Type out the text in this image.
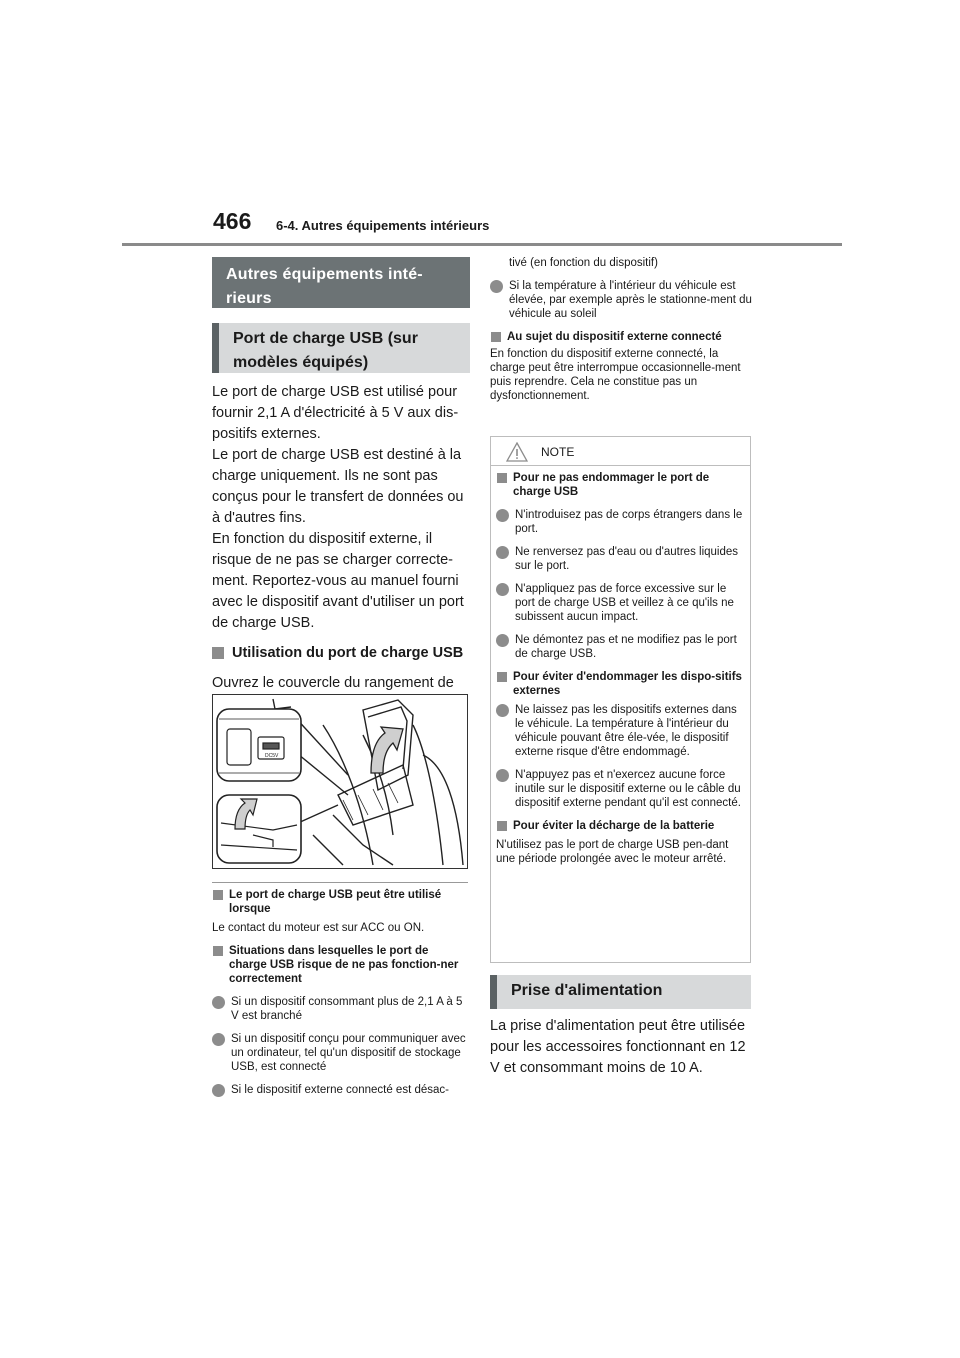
466 6-4. Autres équipements intérieurs
Autres équipements inté-rieurs
Port de charge USB (sur modèles équipés)
Le port de charge USB est utilisé pour fournir 2,1 A d'électricité à 5 V aux dis-positifs externes.
Le port de charge USB est destiné à la charge uniquement. Ils ne sont pas conçus pour le transfert de données ou à d'autres fins.
En fonction du dispositif externe, il risque de ne pas se charger correcte-ment. Reportez-vous au manuel fourni avec le dispositif avant d'utiliser un port de charge USB.
Utilisation du port de charge USB
Ouvrez le couvercle du rangement de
DC5V
Le port de charge USB peut être utilisé lorsque
Le contact du moteur est sur ACC ou ON.
Situations dans lesquelles le port de charge USB risque de ne pas fonction-ner correctement
Si un dispositif consommant plus de 2,1 A à 5 V est branché
Si un dispositif conçu pour communiquer avec un ordinateur, tel qu'un dispositif de stockage USB, est connecté
Si le dispositif externe connecté est désac-
tivé (en fonction du dispositif)
Si la température à l'intérieur du véhicule est élevée, par exemple après le stationne-ment du véhicule au soleil
Au sujet du dispositif externe connecté
En fonction du dispositif externe connecté, la charge peut être interrompue occasionnelle-ment puis reprendre. Cela ne constitue pas un dysfonctionnement.
NOTE
Pour ne pas endommager le port de charge USB
N'introduisez pas de corps étrangers dans le port.
Ne renversez pas d'eau ou d'autres liquides sur le port.
N'appliquez pas de force excessive sur le port de charge USB et veillez à ce qu'ils ne subissent aucun impact.
Ne démontez pas et ne modifiez pas le port de charge USB.
Pour éviter d'endommager les dispo-sitifs externes
Ne laissez pas les dispositifs externes dans le véhicule. La température à l'intérieur du véhicule pouvant être éle-vée, le dispositif externe risque d'être endommagé.
N'appuyez pas et n'exercez aucune force inutile sur le dispositif externe ou le câble du dispositif externe pendant qu'il est connecté.
Pour éviter la décharge de la batterie
N'utilisez pas le port de charge USB pen-dant une période prolongée avec le moteur arrêté.
Prise d'alimentation
La prise d'alimentation peut être utilisée pour les accessoires fonctionnant en 12 V et consommant moins de 10 A.
